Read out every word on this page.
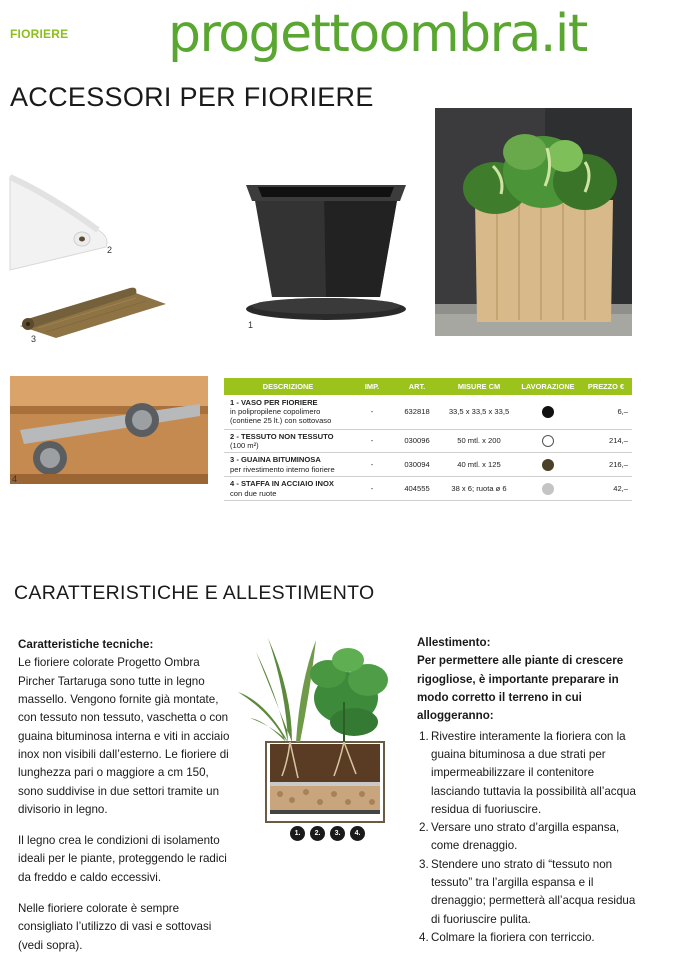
FIORIERE progettoombra.it
ACCESSORI PER FIORIERE
2
3
1
4
DESCRIZIONE	IMP.	ART.	MISURE CM	LAVORAZIONE	PREZZO €

1 - VASO PER FIORIERE
in polipropilene copolimero
(contiene 25 lt.) con sottovaso	-	632818	33,5 x 33,5 x 33,5		6,–

2 - TESSUTO NON TESSUTO
(100 m²)	-	030096	50 mtl. x 200		214,–

3 - GUAINA BITUMINOSA
per rivestimento interno fioriere	-	030094	40 mtl. x 125		216,–

4 - STAFFA IN ACCIAIO INOX
con due ruote	-	404555	38 x 6; ruota ø 6		42,–
CARATTERISTICHE E ALLESTIMENTO
Caratteristiche tecniche:

Le fioriere colorate Progetto Ombra Pircher Tartaruga sono tutte in legno massello. Vengono fornite già montate, con tessuto non tessuto, vaschetta o con guaina bituminosa interna e viti in acciaio inox non visibili dall’esterno. Le fioriere di lunghezza pari o maggiore a cm 150, sono suddivise in due settori tramite un divisorio in legno.

Il legno crea le condizioni di isolamento ideali per le piante, proteggendo le radici da freddo e caldo eccessivi.

Nelle fioriere colorate è sempre consigliato l’utilizzo di vasi e sottovasi (vedi sopra).

1.	2.	3.	4.
Allestimento:
Per permettere alle piante di crescere rigogliose, è importante preparare in modo corretto il terreno in cui alloggeranno:
1. Rivestire interamente la fioriera con la guaina bituminosa a due strati per impermeabilizzare il contenitore lasciando tuttavia la possibilità all’acqua residua di fuoriuscire.
2. Versare uno strato d’argilla espansa, come drenaggio.
3. Stendere uno strato di “tessuto non tessuto” tra l’argilla espansa e il drenaggio; permetterà all’acqua residua di fuoriuscire pulita.
4. Colmare la fioriera con terriccio.
